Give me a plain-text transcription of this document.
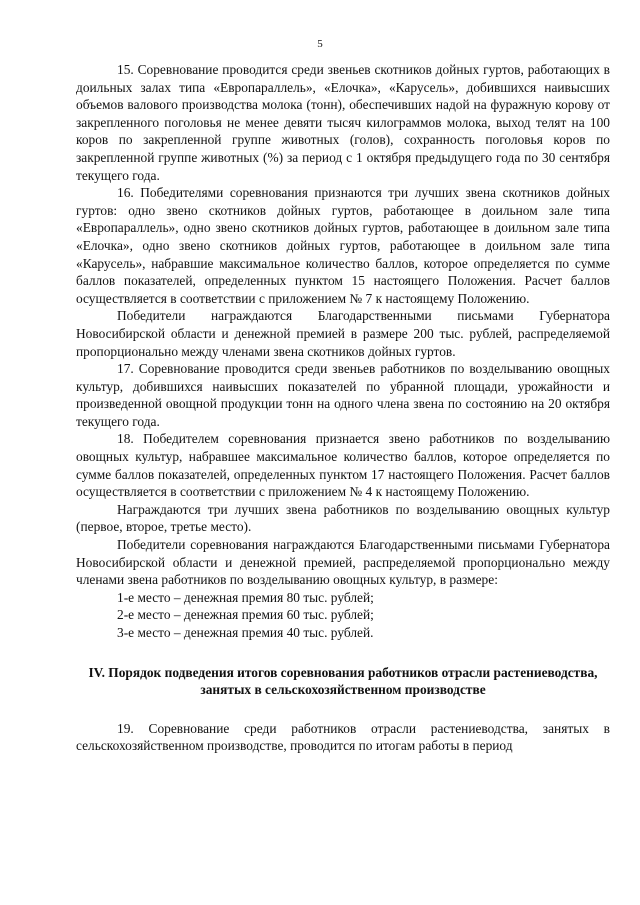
5

15. Соревнование проводится среди звеньев скотников дойных гуртов, работающих в доильных залах типа «Европараллель», «Елочка», «Карусель», добившихся наивысших объемов валового производства молока (тонн), обеспечивших надой на фуражную корову от закрепленного поголовья не менее девяти тысяч килограммов молока, выход телят на 100 коров по закрепленной группе животных (голов), сохранность поголовья коров по закрепленной группе животных (%) за период с 1 октября предыдущего года по 30 сентября текущего года.

16. Победителями соревнования признаются три лучших звена скотников дойных гуртов: одно звено скотников дойных гуртов, работающее в доильном зале типа «Европараллель», одно звено скотников дойных гуртов, работающее в доильном зале типа «Елочка», одно звено скотников дойных гуртов, работающее в доильном зале типа «Карусель», набравшие максимальное количество баллов, которое определяется по сумме баллов показателей, определенных пунктом 15 настоящего Положения. Расчет баллов осуществляется в соответствии с приложением № 7 к настоящему Положению.

Победители награждаются Благодарственными письмами Губернатора Новосибирской области и денежной премией в размере 200 тыс. рублей, распределяемой пропорционально между членами звена скотников дойных гуртов.

17. Соревнование проводится среди звеньев работников по возделыванию овощных культур, добившихся наивысших показателей по убранной площади, урожайности и произведенной овощной продукции тонн на одного члена звена по состоянию на 20 октября текущего года.

18. Победителем соревнования признается звено работников по возделыванию овощных культур, набравшее максимальное количество баллов, которое определяется по сумме баллов показателей, определенных пунктом 17 настоящего Положения. Расчет баллов осуществляется в соответствии с приложением № 4 к настоящему Положению.

Награждаются три лучших звена работников по возделыванию овощных культур (первое, второе, третье место).

Победители соревнования награждаются Благодарственными письмами Губернатора Новосибирской области и денежной премией, распределяемой пропорционально между членами звена работников по возделыванию овощных культур, в размере:

1-е место – денежная премия 80 тыс. рублей;

2-е место – денежная премия 60 тыс. рублей;

3-е место – денежная премия 40 тыс. рублей.

IV. Порядок подведения итогов соревнования работников отрасли растениеводства, занятых в сельскохозяйственном производстве

19. Соревнование среди работников отрасли растениеводства, занятых в сельскохозяйственном производстве, проводится по итогам работы в период
